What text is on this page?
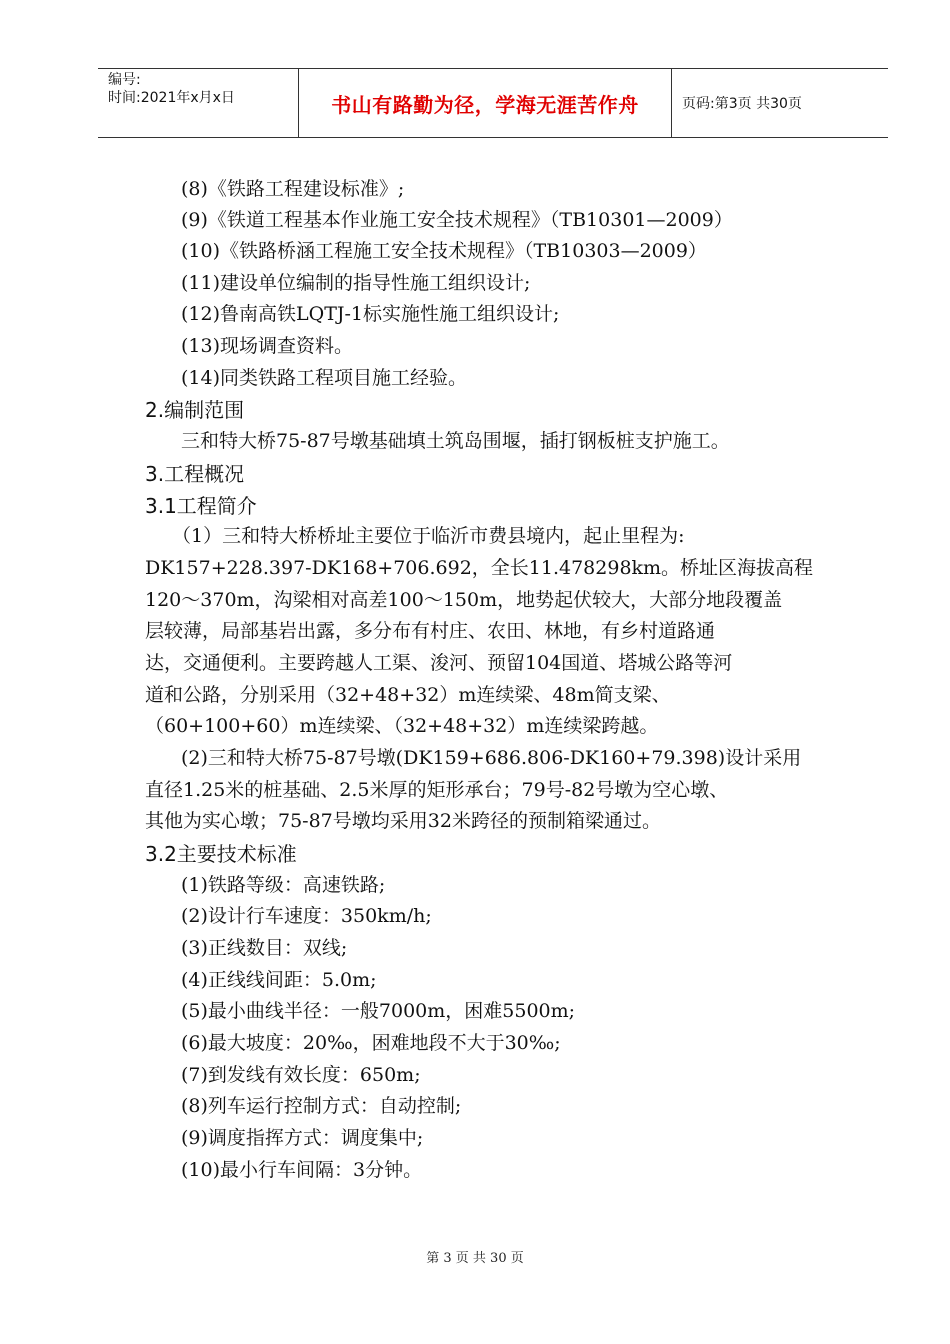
编号:
时间:2021年x月x日	书山有路勤为径，学海无涯苦作舟	页码:第3页 共30页
(8)《铁路工程建设标准》;
(9)《铁道工程基本作业施工安全技术规程》（TB10301—2009）
(10)《铁路桥涵工程施工安全技术规程》（TB10303—2009）
(11)建设单位编制的指导性施工组织设计;
(12)鲁南高铁LQTJ-1标实施性施工组织设计;
(13)现场调查资料。
(14)同类铁路工程项目施工经验。
2.编制范围
三和特大桥75-87号墩基础填土筑岛围堰，插打钢板桩支护施工。
3.工程概况
3.1工程简介
（1）三和特大桥桥址主要位于临沂市费县境内，起止里程为:
DK157+228.397-DK168+706.692，全长11.478298km。桥址区海拔高程
120～370m，沟梁相对高差100～150m，地势起伏较大，大部分地段覆盖
层较薄，局部基岩出露，多分布有村庄、农田、林地，有乡村道路通
达，交通便利。主要跨越人工渠、浚河、预留104国道、塔城公路等河
道和公路，分别采用（32+48+32）m连续梁、48m简支梁、
（60+100+60）m连续梁、（32+48+32）m连续梁跨越。
(2)三和特大桥75-87号墩(DK159+686.806-DK160+79.398)设计采用
直径1.25米的桩基础、2.5米厚的矩形承台；79号-82号墩为空心墩、
其他为实心墩；75-87号墩均采用32米跨径的预制箱梁通过。
3.2主要技术标准
(1)铁路等级：高速铁路;
(2)设计行车速度：350km/h;
(3)正线数目：双线;
(4)正线线间距：5.0m;
(5)最小曲线半径：一般7000m，困难5500m;
(6)最大坡度：20‰，困难地段不大于30‰;
(7)到发线有效长度：650m;
(8)列车运行控制方式：自动控制;
(9)调度指挥方式：调度集中;
(10)最小行车间隔：3分钟。
第 3 页 共 30 页
